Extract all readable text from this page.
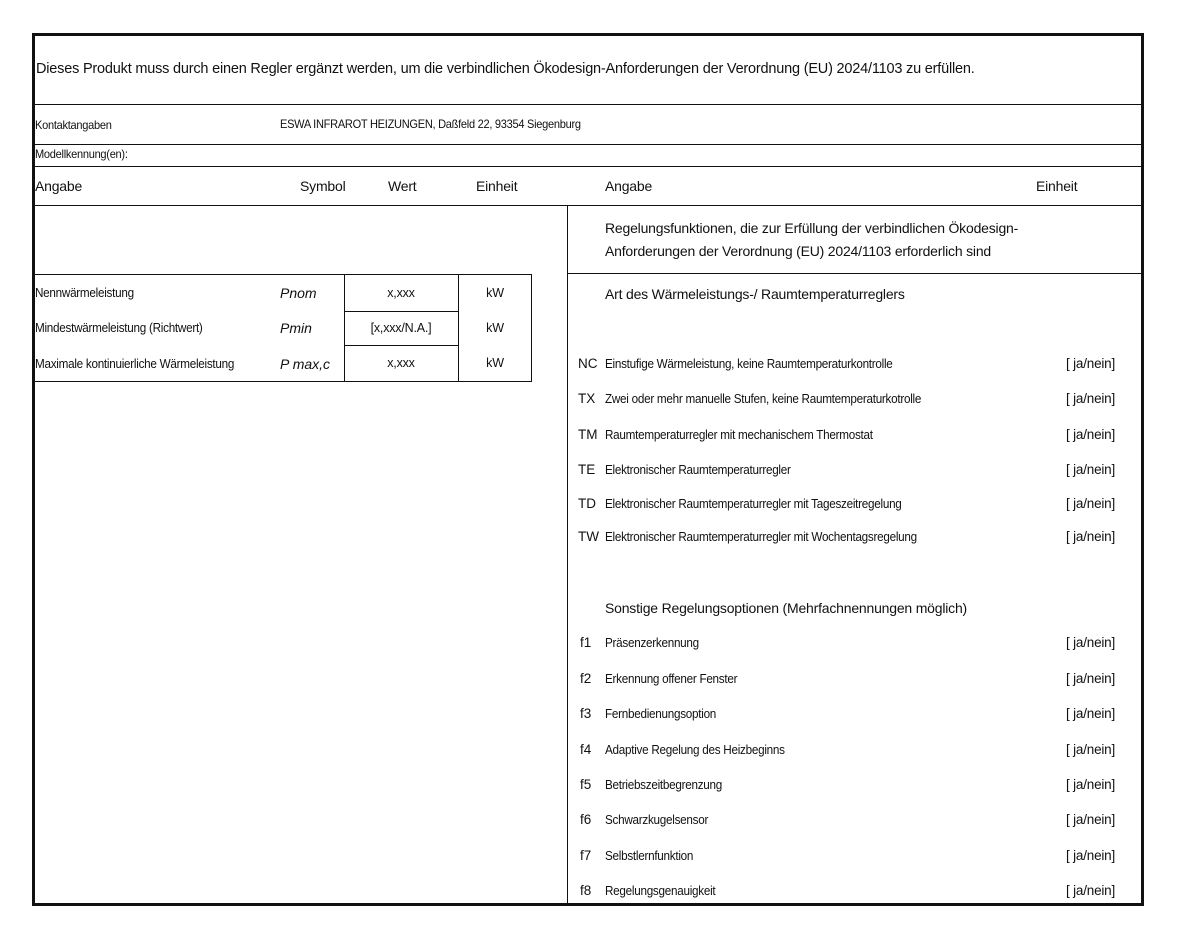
Dieses Produkt muss durch einen Regler ergänzt werden, um die verbindlichen Ökodesign-Anforderungen der Verordnung (EU) 2024/1103 zu erfüllen.
Kontaktangaben	ESWA INFRAROT HEIZUNGEN, Daßfeld 22, 93354 Siegenburg
Modellkennung(en):
Angabe	Symbol	Wert	Einheit	Angabe	Einheit
Regelungsfunktionen, die zur Erfüllung der verbindlichen Ökodesign-
Anforderungen der Verordnung (EU) 2024/1103 erforderlich sind
Nennwärmeleistung	Pnom	x,xxx	kW
Mindestwärmeleistung (Richtwert)	Pmin	[x,xxx/N.A.]	kW
Maximale kontinuierliche Wärmeleistung	P max,c	x,xxx	kW
Art des Wärmeleistungs-/ Raumtemperaturreglers
NC Einstufige Wärmeleistung, keine Raumtemperaturkontrolle	[ ja/nein]
TX Zwei oder mehr manuelle Stufen, keine Raumtemperaturkotrolle	[ ja/nein]
TM Raumtemperaturregler mit mechanischem Thermostat	[ ja/nein]
TE Elektronischer Raumtemperaturregler	[ ja/nein]
TD Elektronischer Raumtemperaturregler mit Tageszeitregelung	[ ja/nein]
TW Elektronischer Raumtemperaturregler mit Wochentagsregelung	[ ja/nein]
Sonstige Regelungsoptionen (Mehrfachnennungen möglich)
f1 Präsenzerkennung	[ ja/nein]
f2 Erkennung offener Fenster	[ ja/nein]
f3 Fernbedienungsoption	[ ja/nein]
f4 Adaptive Regelung des Heizbeginns	[ ja/nein]
f5 Betriebszeitbegrenzung	[ ja/nein]
f6 Schwarzkugelsensor	[ ja/nein]
f7 Selbstlernfunktion	[ ja/nein]
f8 Regelungsgenauigkeit	[ ja/nein]
